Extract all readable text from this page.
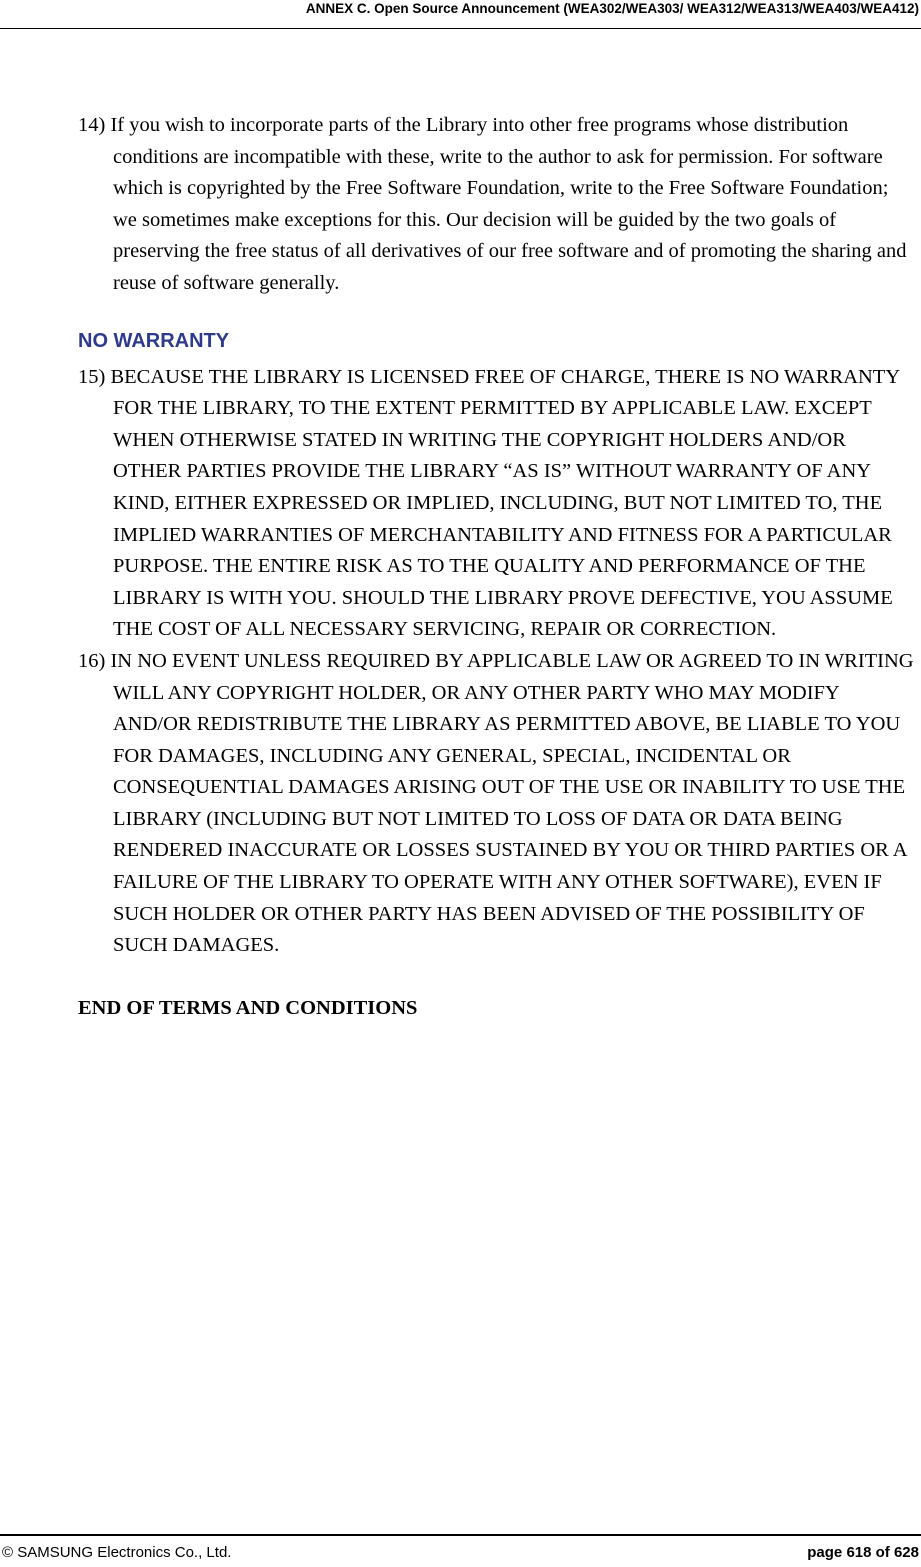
ANNEX C. Open Source Announcement (WEA302/WEA303/ WEA312/WEA313/WEA403/WEA412)

14) If you wish to incorporate parts of the Library into other free programs whose distribution conditions are incompatible with these, write to the author to ask for permission. For software which is copyrighted by the Free Software Foundation, write to the Free Software Foundation; we sometimes make exceptions for this. Our decision will be guided by the two goals of preserving the free status of all derivatives of our free software and of promoting the sharing and reuse of software generally.

NO WARRANTY

15) BECAUSE THE LIBRARY IS LICENSED FREE OF CHARGE, THERE IS NO WARRANTY FOR THE LIBRARY, TO THE EXTENT PERMITTED BY APPLICABLE LAW. EXCEPT WHEN OTHERWISE STATED IN WRITING THE COPYRIGHT HOLDERS AND/OR OTHER PARTIES PROVIDE THE LIBRARY “AS IS” WITHOUT WARRANTY OF ANY KIND, EITHER EXPRESSED OR IMPLIED, INCLUDING, BUT NOT LIMITED TO, THE IMPLIED WARRANTIES OF MERCHANTABILITY AND FITNESS FOR A PARTICULAR PURPOSE. THE ENTIRE RISK AS TO THE QUALITY AND PERFORMANCE OF THE LIBRARY IS WITH YOU. SHOULD THE LIBRARY PROVE DEFECTIVE, YOU ASSUME THE COST OF ALL NECESSARY SERVICING, REPAIR OR CORRECTION.

16) IN NO EVENT UNLESS REQUIRED BY APPLICABLE LAW OR AGREED TO IN WRITING WILL ANY COPYRIGHT HOLDER, OR ANY OTHER PARTY WHO MAY MODIFY AND/OR REDISTRIBUTE THE LIBRARY AS PERMITTED ABOVE, BE LIABLE TO YOU FOR DAMAGES, INCLUDING ANY GENERAL, SPECIAL, INCIDENTAL OR CONSEQUENTIAL DAMAGES ARISING OUT OF THE USE OR INABILITY TO USE THE LIBRARY (INCLUDING BUT NOT LIMITED TO LOSS OF DATA OR DATA BEING RENDERED INACCURATE OR LOSSES SUSTAINED BY YOU OR THIRD PARTIES OR A FAILURE OF THE LIBRARY TO OPERATE WITH ANY OTHER SOFTWARE), EVEN IF SUCH HOLDER OR OTHER PARTY HAS BEEN ADVISED OF THE POSSIBILITY OF SUCH DAMAGES.

END OF TERMS AND CONDITIONS

© SAMSUNG Electronics Co., Ltd.	page 618 of 628
